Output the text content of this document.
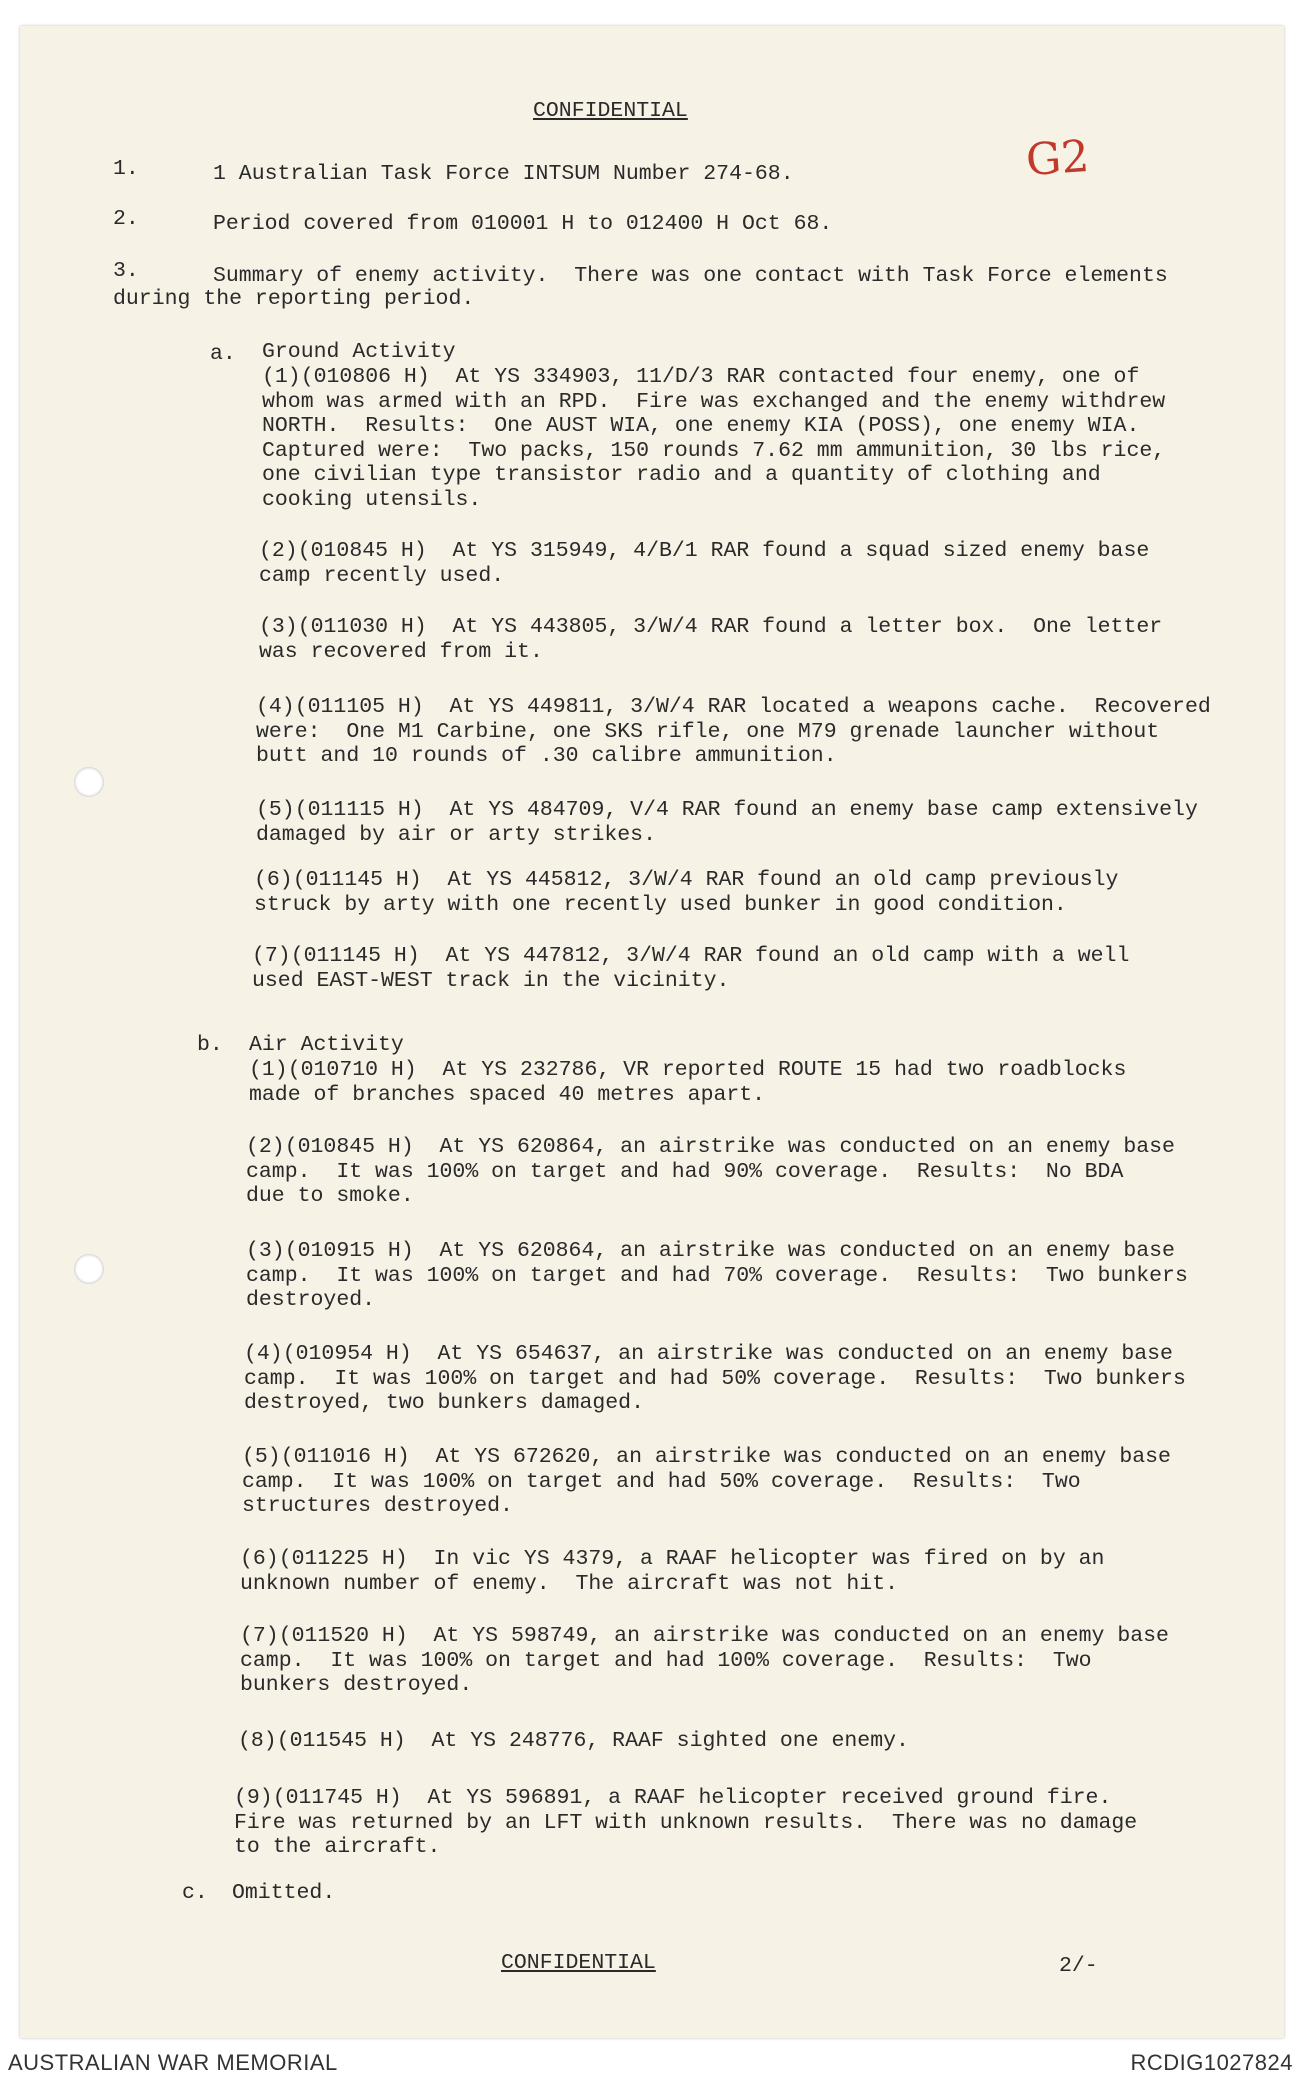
CONFIDENTIAL
G2
1.	1 Australian Task Force INTSUM Number 274-68.
2.	Period covered from 010001 H to 012400 H Oct 68.
3.	Summary of enemy activity.  There was one contact with Task Force elements
during the reporting period.
a. Ground Activity
(1)(010806 H)  At YS 334903, 11/D/3 RAR contacted four enemy, one of
whom was armed with an RPD.  Fire was exchanged and the enemy withdrew
NORTH.  Results:  One AUST WIA, one enemy KIA (POSS), one enemy WIA.
Captured were:  Two packs, 150 rounds 7.62 mm ammunition, 30 lbs rice,
one civilian type transistor radio and a quantity of clothing and
cooking utensils.
(2)(010845 H)  At YS 315949, 4/B/1 RAR found a squad sized enemy base
camp recently used.
(3)(011030 H)  At YS 443805, 3/W/4 RAR found a letter box.  One letter
was recovered from it.
(4)(011105 H)  At YS 449811, 3/W/4 RAR located a weapons cache.  Recovered
were:  One M1 Carbine, one SKS rifle, one M79 grenade launcher without
butt and 10 rounds of .30 calibre ammunition.
(5)(011115 H)  At YS 484709, V/4 RAR found an enemy base camp extensively
damaged by air or arty strikes.
(6)(011145 H)  At YS 445812, 3/W/4 RAR found an old camp previously
struck by arty with one recently used bunker in good condition.
(7)(011145 H)  At YS 447812, 3/W/4 RAR found an old camp with a well
used EAST-WEST track in the vicinity.
b. Air Activity
(1)(010710 H)  At YS 232786, VR reported ROUTE 15 had two roadblocks
made of branches spaced 40 metres apart.
(2)(010845 H)  At YS 620864, an airstrike was conducted on an enemy base
camp.  It was 100% on target and had 90% coverage.  Results:  No BDA
due to smoke.
(3)(010915 H)  At YS 620864, an airstrike was conducted on an enemy base
camp.  It was 100% on target and had 70% coverage.  Results:  Two bunkers
destroyed.
(4)(010954 H)  At YS 654637, an airstrike was conducted on an enemy base
camp.  It was 100% on target and had 50% coverage.  Results:  Two bunkers
destroyed, two bunkers damaged.
(5)(011016 H)  At YS 672620, an airstrike was conducted on an enemy base
camp.  It was 100% on target and had 50% coverage.  Results:  Two
structures destroyed.
(6)(011225 H)  In vic YS 4379, a RAAF helicopter was fired on by an
unknown number of enemy.  The aircraft was not hit.
(7)(011520 H)  At YS 598749, an airstrike was conducted on an enemy base
camp.  It was 100% on target and had 100% coverage.  Results:  Two
bunkers destroyed.
(8)(011545 H)  At YS 248776, RAAF sighted one enemy.
(9)(011745 H)  At YS 596891, a RAAF helicopter received ground fire.
Fire was returned by an LFT with unknown results.  There was no damage
to the aircraft.
c. Omitted.
CONFIDENTIAL	2/-
AUSTRALIAN WAR MEMORIAL	RCDIG1027824
